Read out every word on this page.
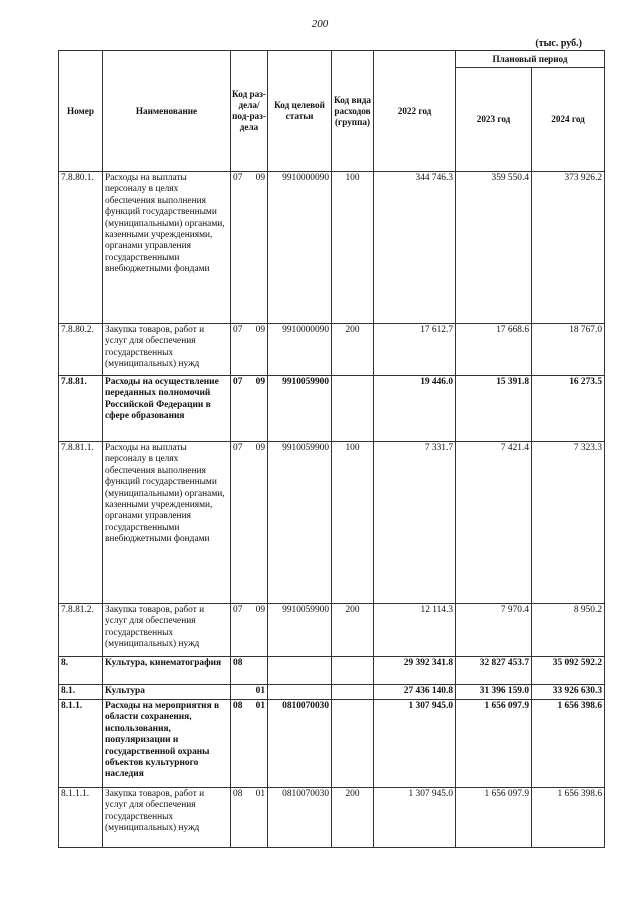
200
(тыс. руб.)
Номер	Наименование	Код раз-дела/ под-раз-дела		Код целевой статьи	Код вида расходов (группа)	2022 год	Плановый период	
							2023 год	2024 год
7.8.80.1.	Расходы на выплаты персоналу в целях обеспечения выполнения функций государственными (муниципальными) органами, казенными учреждениями, органами управления государственными внебюджетными фондами	07	09	9910000090	100	344 746.3	359 550.4	373 926.2
7.8.80.2.	Закупка товаров, работ и услуг для обеспечения государственных (муниципальных) нужд	07	09	9910000090	200	17 612.7	17 668.6	18 767.0
7.8.81.	Расходы на осуществление переданных полномочий Российской Федерации в сфере образования	07	09	9910059900		19 446.0	15 391.8	16 273.5
7.8.81.1.	Расходы на выплаты персоналу в целях обеспечения выполнения функций государственными (муниципальными) органами, казенными учреждениями, органами управления государственными внебюджетными фондами	07	09	9910059900	100	7 331.7	7 421.4	7 323.3
7.8.81.2.	Закупка товаров, работ и услуг для обеспечения государственных (муниципальных) нужд	07	09	9910059900	200	12 114.3	7 970.4	8 950.2
8.	Культура, кинематография	08				29 392 341.8	32 827 453.7	35 092 592.2
8.1.	Культура		01			27 436 140.8	31 396 159.0	33 926 630.3
8.1.1.	Расходы на мероприятия в области сохранения, использования, популяризации и государственной охраны объектов культурного наследия	08	01	0810070030		1 307 945.0	1 656 097.9	1 656 398.6
8.1.1.1.	Закупка товаров, работ и услуг для обеспечения государственных (муниципальных) нужд	08	01	0810070030	200	1 307 945.0	1 656 097.9	1 656 398.6
